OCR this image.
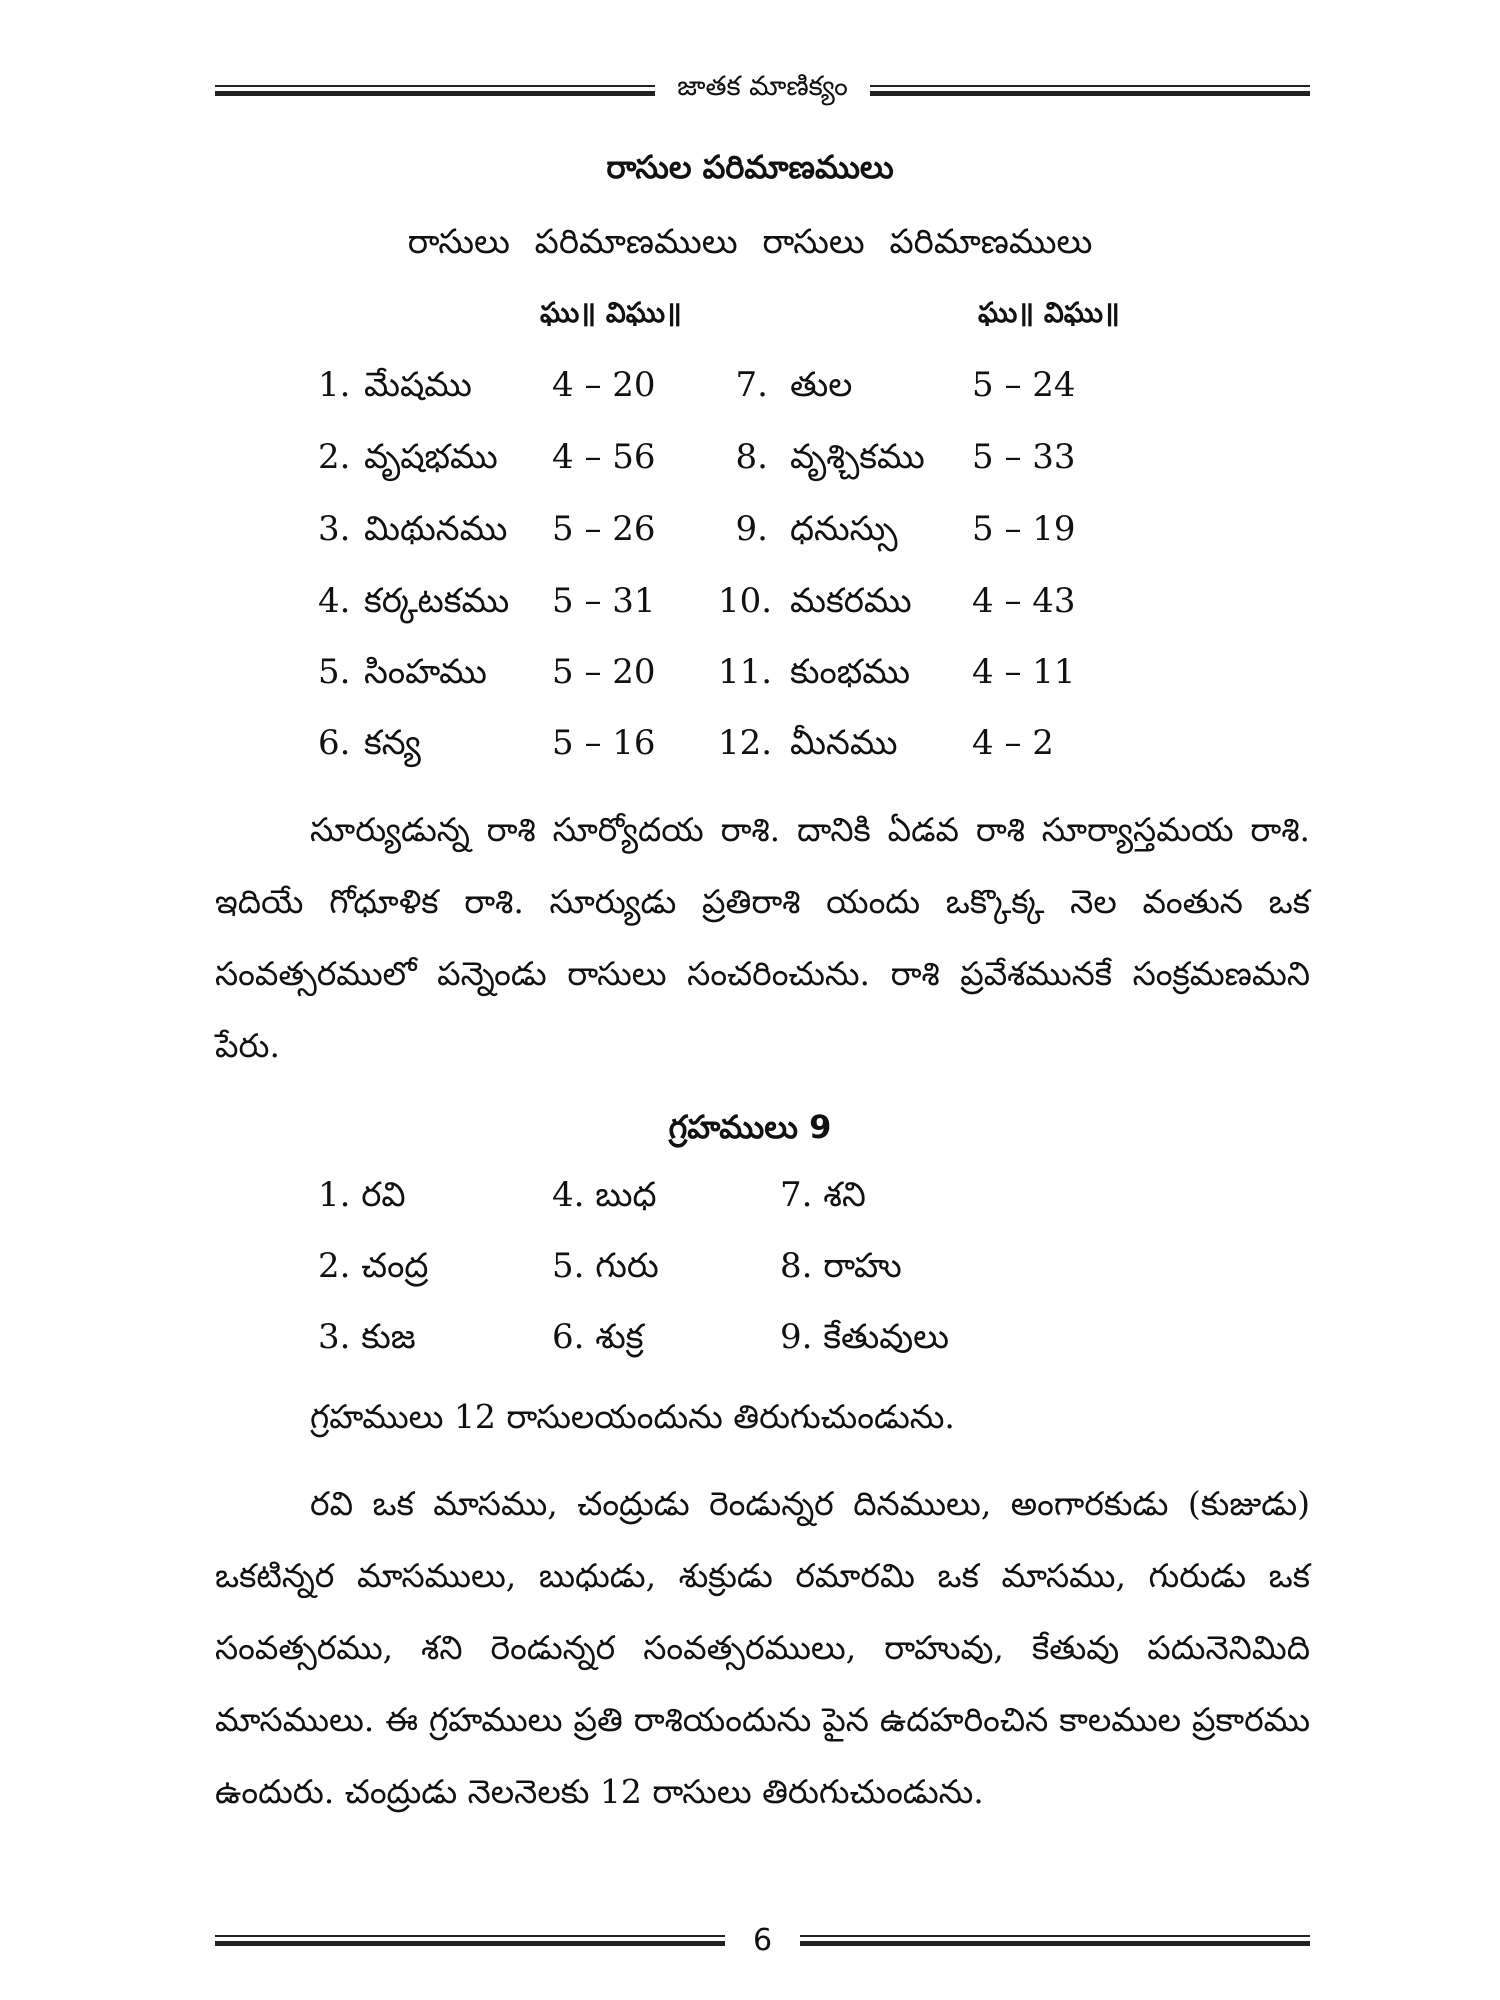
జాతక మాణిక్యం
రాసుల పరిమాణములు
రాసులు పరిమాణములు రాసులు పరిమాణములు
ఘు॥ విఘు॥	ఘు॥ విఘు॥
1. మేషము 4 – 20	7. తుల	5 – 24
2. వృషభము 4 – 56	8. వృశ్చికము 5 – 33
3. మిథునము 5 – 26	9. ధనుస్సు 5 – 19
4. కర్కటకము 5 – 31 10. మకరము 4 – 43
5. సింహము 5 – 20 11. కుంభము 4 – 11
6. కన్య	5 – 16 12. మీనము 4 – 2
సూర్యుడున్న రాశి సూర్యోదయ రాశి. దానికి ఏడవ రాశి సూర్యాస్తమయ రాశి. ఇదియే గోధూళిక రాశి. సూర్యుడు ప్రతిరాశి యందు ఒక్కొక్క నెల వంతున ఒక సంవత్సరములో పన్నెండు రాసులు సంచరించును. రాశి ప్రవేశమునకే సంక్రమణమని పేరు.
గ్రహములు 9
1. రవి	4. బుధ	7. శని
2. చంద్ర	5. గురు	8. రాహు
3. కుజ	6. శుక్ర	9. కేతువులు
గ్రహములు 12 రాసులయందును తిరుగుచుండును.
రవి ఒక మాసము, చంద్రుడు రెండున్నర దినములు, అంగారకుడు (కుజుడు) ఒకటిన్నర మాసములు, బుధుడు, శుక్రుడు రమారమి ఒక మాసము, గురుడు ఒక సంవత్సరము, శని రెండున్నర సంవత్సరములు, రాహువు, కేతువు పదునెనిమిది మాసములు. ఈ గ్రహములు ప్రతి రాశియందును పైన ఉదహరించిన కాలముల ప్రకారము ఉందురు. చంద్రుడు నెలనెలకు 12 రాసులు తిరుగుచుండును.
6
